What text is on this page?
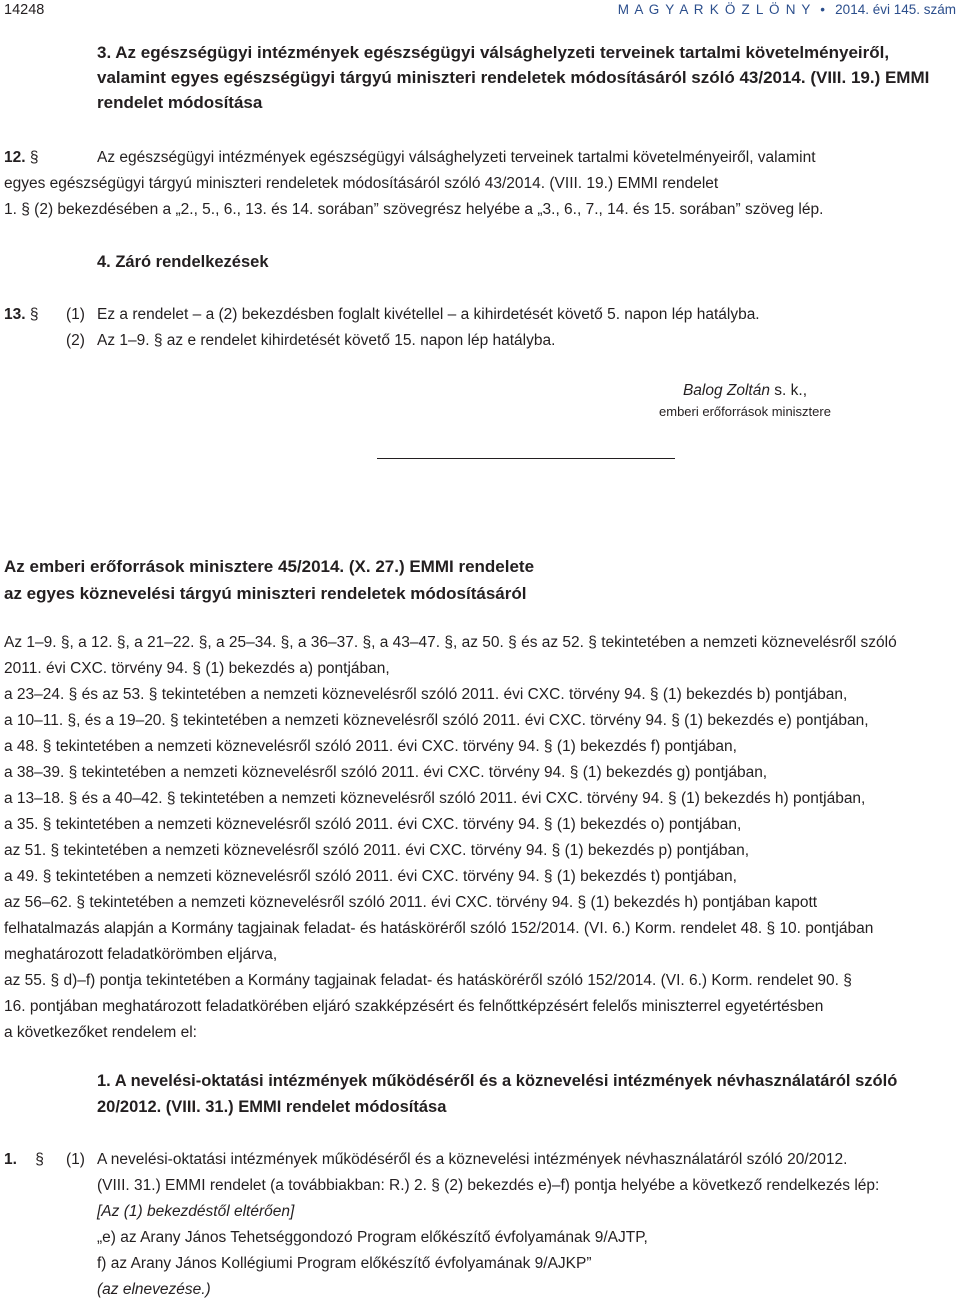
14248	M A G Y A R K Ö Z L Ö N Y • 2014. évi 145. szám
3. Az egészségügyi intézmények egészségügyi válsághelyzeti terveinek tartalmi követelményeiről, valamint egyes egészségügyi tárgyú miniszteri rendeletek módosításáról szóló 43/2014. (VIII. 19.) EMMI rendelet módosítása
12. §	Az egészségügyi intézmények egészségügyi válsághelyzeti terveinek tartalmi követelményeiről, valamint
egyes egészségügyi tárgyú miniszteri rendeletek módosításáról szóló 43/2014. (VIII. 19.) EMMI rendelet
1. § (2) bekezdésében a „2., 5., 6., 13. és 14. sorában” szövegrész helyébe a „3., 6., 7., 14. és 15. sorában” szöveg lép.
4. Záró rendelkezések
13. § (1) Ez a rendelet – a (2) bekezdésben foglalt kivétellel – a kihirdetését követő 5. napon lép hatályba.
(2) Az 1–9. § az e rendelet kihirdetését követő 15. napon lép hatályba.
Balog Zoltán s. k.,
emberi erőforrások minisztere
Az emberi erőforrások minisztere 45/2014. (X. 27.) EMMI rendelete
az egyes köznevelési tárgyú miniszteri rendeletek módosításáról
Az 1–9. §, a 12. §, a 21–22. §, a 25–34. §, a 36–37. §, a 43–47. §, az 50. § és az 52. § tekintetében a nemzeti köznevelésről szóló
2011. évi CXC. törvény 94. § (1) bekezdés a) pontjában,
a 23–24. § és az 53. § tekintetében a nemzeti köznevelésről szóló 2011. évi CXC. törvény 94. § (1) bekezdés b) pontjában,
a 10–11. §, és a 19–20. § tekintetében a nemzeti köznevelésről szóló 2011. évi CXC. törvény 94. § (1) bekezdés e) pontjában,
a 48. § tekintetében a nemzeti köznevelésről szóló 2011. évi CXC. törvény 94. § (1) bekezdés f) pontjában,
a 38–39. § tekintetében a nemzeti köznevelésről szóló 2011. évi CXC. törvény 94. § (1) bekezdés g) pontjában,
a 13–18. § és a 40–42. § tekintetében a nemzeti köznevelésről szóló 2011. évi CXC. törvény 94. § (1) bekezdés h) pontjában,
a 35. § tekintetében a nemzeti köznevelésről szóló 2011. évi CXC. törvény 94. § (1) bekezdés o) pontjában,
az 51. § tekintetében a nemzeti köznevelésről szóló 2011. évi CXC. törvény 94. § (1) bekezdés p) pontjában,
a 49. § tekintetében a nemzeti köznevelésről szóló 2011. évi CXC. törvény 94. § (1) bekezdés t) pontjában,
az 56–62. § tekintetében a nemzeti köznevelésről szóló 2011. évi CXC. törvény 94. § (1) bekezdés h) pontjában kapott
felhatalmazás alapján a Kormány tagjainak feladat- és hatásköréről szóló 152/2014. (VI. 6.) Korm. rendelet 48. § 10. pontjában
meghatározott feladatkörömben eljárva,
az 55. § d)–f) pontja tekintetében a Kormány tagjainak feladat- és hatásköréről szóló 152/2014. (VI. 6.) Korm. rendelet 90. §
16. pontjában meghatározott feladatkörében eljáró szakképzésért és felnőttképzésért felelős miniszterrel egyetértésben
a következőket rendelem el:
1. A nevelési-oktatási intézmények működéséről és a köznevelési intézmények névhasználatáról szóló 20/2012. (VIII. 31.) EMMI rendelet módosítása
1. § (1) A nevelési-oktatási intézmények működéséről és a köznevelési intézmények névhasználatáról szóló 20/2012.
(VIII. 31.) EMMI rendelet (a továbbiakban: R.) 2. § (2) bekezdés e)–f) pontja helyébe a következő rendelkezés lép:
[Az (1) bekezdéstől eltérően]
„e) az Arany János Tehetséggondozó Program előkészítő évfolyamának 9/AJTP,
f) az Arany János Kollégiumi Program előkészítő évfolyamának 9/AJKP”
(az elnevezése.)
